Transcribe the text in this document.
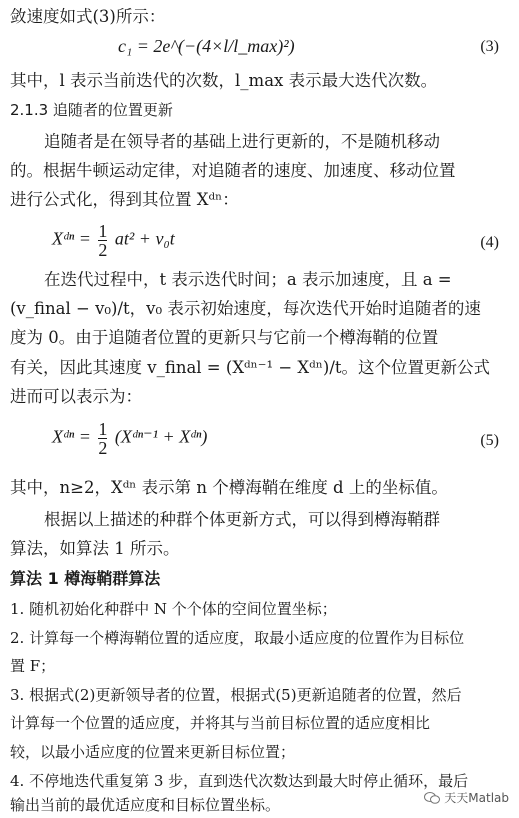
敛速度如式(3)所示：
c₁ = 2e^(−(4×l/l_max)²)	(3)
其中，l 表示当前迭代的次数，l_max 表示最大迭代次数。
2.1.3 追随者的位置更新
追随者是在领导者的基础上进行更新的，不是随机移动
的。根据牛顿运动定律，对追随者的速度、加速度、移动位置
进行公式化，得到其位置 Xᵈⁿ：
Xᵈⁿ = $\frac{1}{2} at^2 + v_0t$	(4)
在迭代过程中，t 表示迭代时间；a 表示加速度，且 a =
(v_final − v₀)/t，v₀ 表示初始速度，每次迭代开始时追随者的速
度为 0。由于追随者位置的更新只与它前一个樽海鞘的位置
有关，因此其速度 v_final = (Xᵈⁿ⁻¹ − Xᵈⁿ)/t。这个位置更新公式
进而可以表示为：
Xᵈⁿ = $\frac{1}{2}$ (Xᵈⁿ⁻¹ + Xᵈⁿ)	(5)
其中，n≥2，Xᵈⁿ 表示第 n 个樽海鞘在维度 d 上的坐标值。
根据以上描述的种群个体更新方式，可以得到樽海鞘群
算法，如算法 1 所示。
算法 1 樽海鞘群算法
1. 随机初始化种群中 N 个个体的空间位置坐标；
2. 计算每一个樽海鞘位置的适应度，取最小适应度的位置作为目标位
置 F；
3. 根据式(2)更新领导者的位置，根据式(5)更新追随者的位置，然后
计算每一个位置的适应度，并将其与当前目标位置的适应度相比
较，以最小适应度的位置来更新目标位置；
4. 不停地迭代重复第 3 步，直到迭代次数达到最大时停止循环，最后
输出当前的最优适应度和目标位置坐标。	天天Matlab
